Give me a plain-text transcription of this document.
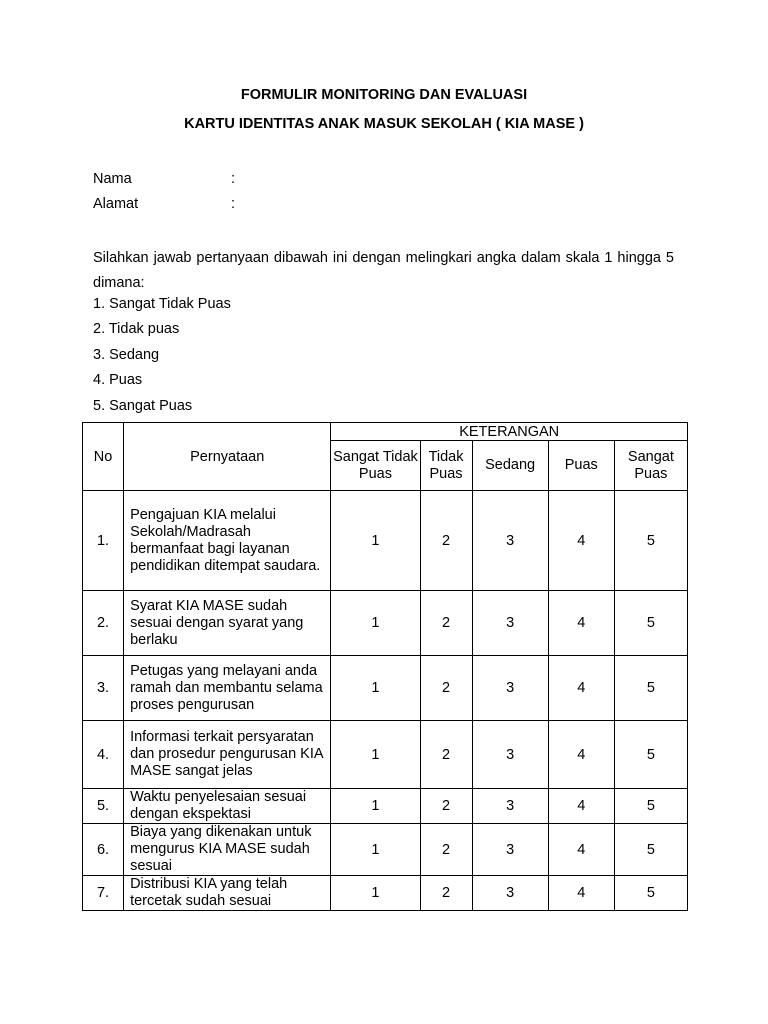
FORMULIR MONITORING DAN EVALUASI
KARTU IDENTITAS ANAK MASUK SEKOLAH ( KIA MASE )
Nama	:
Alamat	:
Silahkan jawab pertanyaan dibawah ini dengan melingkari angka dalam skala 1 hingga 5 dimana:
1. Sangat Tidak Puas
2. Tidak puas
3. Sedang
4. Puas
5. Sangat Puas
No	Pernyataan	KETERANGAN				
		Sangat Tidak Puas	Tidak Puas	Sedang	Puas	Sangat Puas
1.	Pengajuan KIA melalui Sekolah/Madrasah bermanfaat bagi layanan pendidikan ditempat saudara.	1	2	3	4	5
2.	Syarat KIA MASE sudah sesuai dengan syarat yang berlaku	1	2	3	4	5
3.	Petugas yang melayani anda ramah dan membantu selama proses pengurusan	1	2	3	4	5
4.	Informasi terkait persyaratan dan prosedur pengurusan KIA MASE sangat jelas	1	2	3	4	5
5.	Waktu penyelesaian sesuai dengan ekspektasi	1	2	3	4	5
6.	Biaya yang dikenakan untuk mengurus KIA MASE sudah sesuai	1	2	3	4	5
7.	Distribusi KIA yang telah tercetak sudah sesuai	1	2	3	4	5
